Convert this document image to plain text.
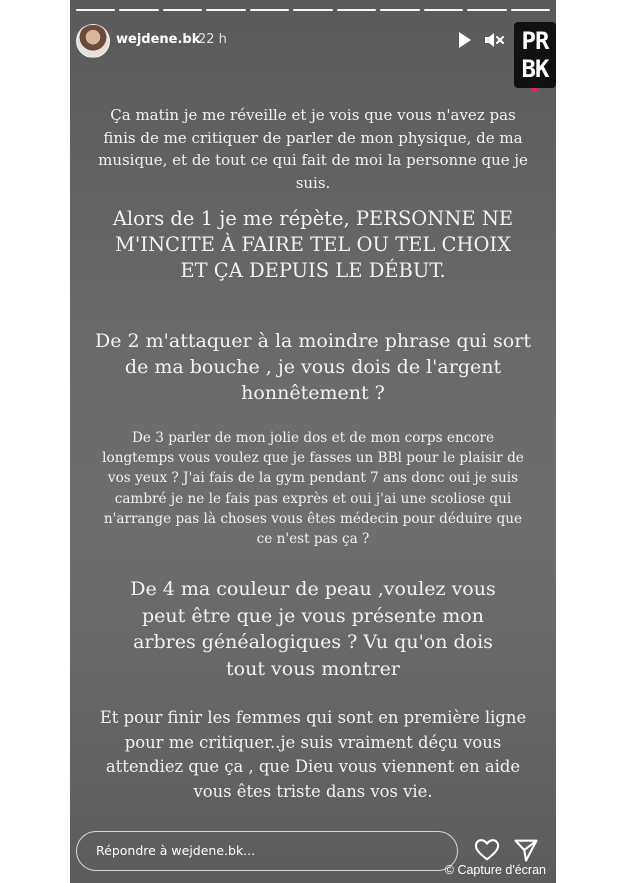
wejdene.bk
22 h	PR
BK
Ça matin je me réveille et je vois que vous n'avez pas finis de me critiquer de parler de mon physique, de ma musique, et de tout ce qui fait de moi la personne que je suis.
Alors de 1 je me répète, PERSONNE NE M'INCITE À FAIRE TEL OU TEL CHOIX ET ÇA DEPUIS LE DÉBUT.
De 2 m'attaquer à la moindre phrase qui sort de ma bouche , je vous dois de l'argent honnêtement ?
De 3 parler de mon jolie dos et de mon corps encore longtemps vous voulez que je fasses un BBl pour le plaisir de vos yeux ? J'ai fais de la gym pendant 7 ans donc oui je suis cambré je ne le fais pas exprès et oui j'ai une scoliose qui n'arrange pas là choses vous êtes médecin pour déduire que ce n'est pas ça ?
De 4 ma couleur de peau ,voulez vous peut être que je vous présente mon arbres généalogiques ? Vu qu'on dois tout vous montrer
Et pour finir les femmes qui sont en première ligne pour me critiquer..je suis vraiment déçu vous attendiez que ça , que Dieu vous viennent en aide vous êtes triste dans vos vie.
Répondre à wejdene.bk...
© Capture d'écran
